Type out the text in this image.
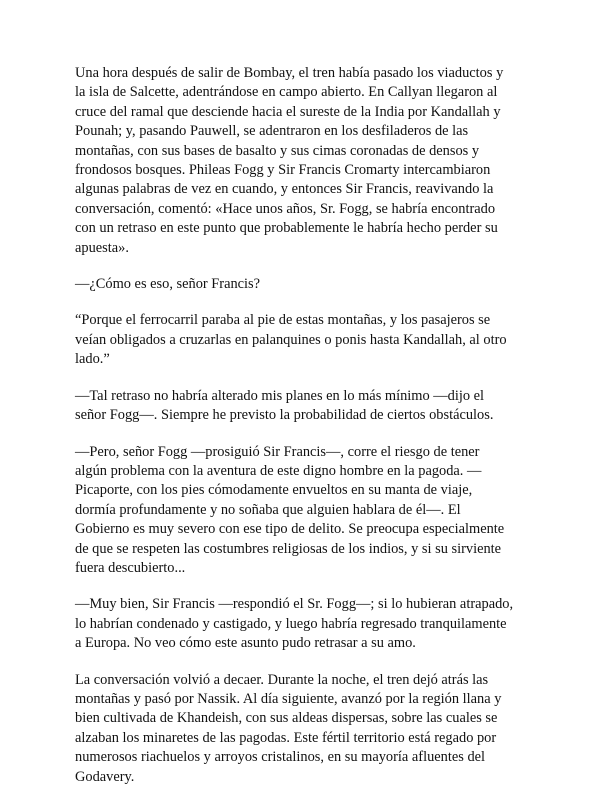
Una hora después de salir de Bombay, el tren había pasado los viaductos y
la isla de Salcette, adentrándose en campo abierto. En Callyan llegaron al
cruce del ramal que desciende hacia el sureste de la India por Kandallah y
Pounah; y, pasando Pauwell, se adentraron en los desfiladeros de las
montañas, con sus bases de basalto y sus cimas coronadas de densos y
frondosos bosques. Phileas Fogg y Sir Francis Cromarty intercambiaron
algunas palabras de vez en cuando, y entonces Sir Francis, reavivando la
conversación, comentó: «Hace unos años, Sr. Fogg, se habría encontrado
con un retraso en este punto que probablemente le habría hecho perder su
apuesta».

—¿Cómo es eso, señor Francis?

“Porque el ferrocarril paraba al pie de estas montañas, y los pasajeros se
veían obligados a cruzarlas en palanquines o ponis hasta Kandallah, al otro
lado.”

—Tal retraso no habría alterado mis planes en lo más mínimo —dijo el
señor Fogg—. Siempre he previsto la probabilidad de ciertos obstáculos.

—Pero, señor Fogg —prosiguió Sir Francis—, corre el riesgo de tener
algún problema con la aventura de este digno hombre en la pagoda. —
Picaporte, con los pies cómodamente envueltos en su manta de viaje,
dormía profundamente y no soñaba que alguien hablara de él—. El
Gobierno es muy severo con ese tipo de delito. Se preocupa especialmente
de que se respeten las costumbres religiosas de los indios, y si su sirviente
fuera descubierto...

—Muy bien, Sir Francis —respondió el Sr. Fogg—; si lo hubieran atrapado,
lo habrían condenado y castigado, y luego habría regresado tranquilamente
a Europa. No veo cómo este asunto pudo retrasar a su amo.

La conversación volvió a decaer. Durante la noche, el tren dejó atrás las
montañas y pasó por Nassik. Al día siguiente, avanzó por la región llana y
bien cultivada de Khandeish, con sus aldeas dispersas, sobre las cuales se
alzaban los minaretes de las pagodas. Este fértil territorio está regado por
numerosos riachuelos y arroyos cristalinos, en su mayoría afluentes del
Godavery.
